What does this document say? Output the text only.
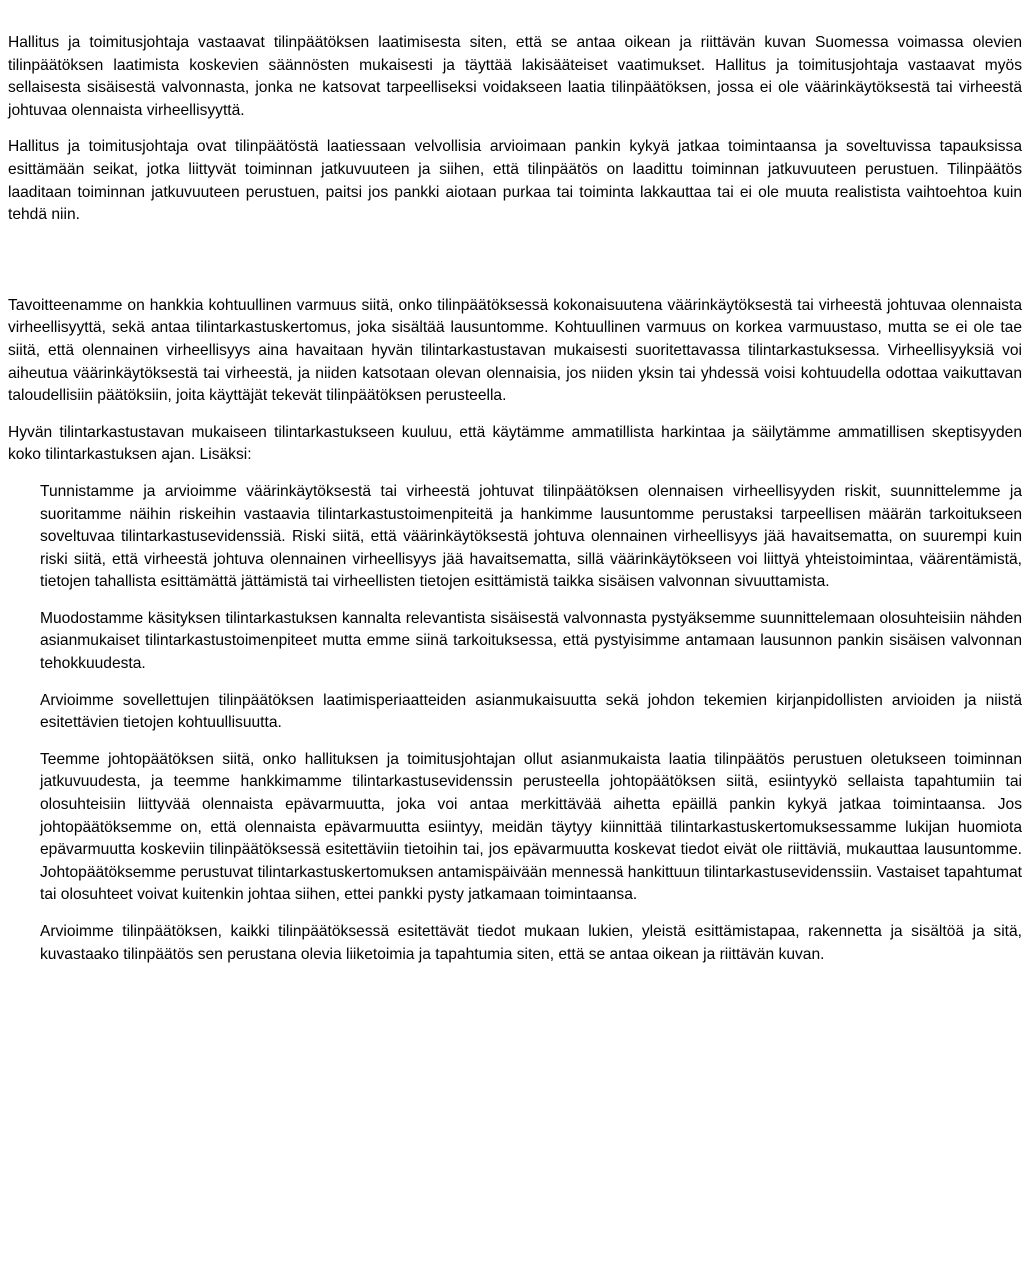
Hallitus ja toimitusjohtaja vastaavat tilinpäätöksen laatimisesta siten, että se antaa oikean ja riittävän kuvan Suomessa voimassa olevien tilinpäätöksen laatimista koskevien säännösten mukaisesti ja täyttää lakisääteiset vaatimukset. Hallitus ja toimitusjohtaja vastaavat myös sellaisesta sisäisestä valvonnasta, jonka ne katsovat tarpeelliseksi voidakseen laatia tilinpäätöksen, jossa ei ole väärinkäytöksestä tai virheestä johtuvaa olennaista virheellisyyttä.

Hallitus ja toimitusjohtaja ovat tilinpäätöstä laatiessaan velvollisia arvioimaan pankin kykyä jatkaa toimintaansa ja soveltuvissa tapauksissa esittämään seikat, jotka liittyvät toiminnan jatkuvuuteen ja siihen, että tilinpäätös on laadittu toiminnan jatkuvuuteen perustuen. Tilinpäätös laaditaan toiminnan jatkuvuuteen perustuen, paitsi jos pankki aiotaan purkaa tai toiminta lakkauttaa tai ei ole muuta realistista vaihtoehtoa kuin tehdä niin.

Tavoitteenamme on hankkia kohtuullinen varmuus siitä, onko tilinpäätöksessä kokonaisuutena väärinkäytöksestä tai virheestä johtuvaa olennaista virheellisyyttä, sekä antaa tilintarkastuskertomus, joka sisältää lausuntomme. Kohtuullinen varmuus on korkea varmuustaso, mutta se ei ole tae siitä, että olennainen virheellisyys aina havaitaan hyvän tilintarkastustavan mukaisesti suoritettavassa tilintarkastuksessa. Virheellisyyksiä voi aiheutua väärinkäytöksestä tai virheestä, ja niiden katsotaan olevan olennaisia, jos niiden yksin tai yhdessä voisi kohtuudella odottaa vaikuttavan taloudellisiin päätöksiin, joita käyttäjät tekevät tilinpäätöksen perusteella.

Hyvän tilintarkastustavan mukaiseen tilintarkastukseen kuuluu, että käytämme ammatillista harkintaa ja säilytämme ammatillisen skeptisyyden koko tilintarkastuksen ajan. Lisäksi:

Tunnistamme ja arvioimme väärinkäytöksestä tai virheestä johtuvat tilinpäätöksen olennaisen virheellisyyden riskit, suunnittelemme ja suoritamme näihin riskeihin vastaavia tilintarkastustoimenpiteitä ja hankimme lausuntomme perustaksi tarpeellisen määrän tarkoitukseen soveltuvaa tilintarkastusevidenssiä. Riski siitä, että väärinkäytöksestä johtuva olennainen virheellisyys jää havaitsematta, on suurempi kuin riski siitä, että virheestä johtuva olennainen virheellisyys jää havaitsematta, sillä väärinkäytökseen voi liittyä yhteistoimintaa, väärentämistä, tietojen tahallista esittämättä jättämistä tai virheellisten tietojen esittämistä taikka sisäisen valvonnan sivuuttamista.

Muodostamme käsityksen tilintarkastuksen kannalta relevantista sisäisestä valvonnasta pystyäksemme suunnittelemaan olosuhteisiin nähden asianmukaiset tilintarkastustoimenpiteet mutta emme siinä tarkoituksessa, että pystyisimme antamaan lausunnon pankin sisäisen valvonnan tehokkuudesta.

Arvioimme sovellettujen tilinpäätöksen laatimisperiaatteiden asianmukaisuutta sekä johdon tekemien kirjanpidollisten arvioiden ja niistä esitettävien tietojen kohtuullisuutta.

Teemme johtopäätöksen siitä, onko hallituksen ja toimitusjohtajan ollut asianmukaista laatia tilinpäätös perustuen oletukseen toiminnan jatkuvuudesta, ja teemme hankkimamme tilintarkastusevidenssin perusteella johtopäätöksen siitä, esiintyykö sellaista tapahtumiin tai olosuhteisiin liittyvää olennaista epävarmuutta, joka voi antaa merkittävää aihetta epäillä pankin kykyä jatkaa toimintaansa. Jos johtopäätöksemme on, että olennaista epävarmuutta esiintyy, meidän täytyy kiinnittää tilintarkastuskertomuksessamme lukijan huomiota epävarmuutta koskeviin tilinpäätöksessä esitettäviin tietoihin tai, jos epävarmuutta koskevat tiedot eivät ole riittäviä, mukauttaa lausuntomme. Johtopäätöksemme perustuvat tilintarkastuskertomuksen antamispäivään mennessä hankittuun tilintarkastusevidenssiin. Vastaiset tapahtumat tai olosuhteet voivat kuitenkin johtaa siihen, ettei pankki pysty jatkamaan toimintaansa.

Arvioimme tilinpäätöksen, kaikki tilinpäätöksessä esitettävät tiedot mukaan lukien, yleistä esittämistapaa, rakennetta ja sisältöä ja sitä, kuvastaako tilinpäätös sen perustana olevia liiketoimia ja tapahtumia siten, että se antaa oikean ja riittävän kuvan.
